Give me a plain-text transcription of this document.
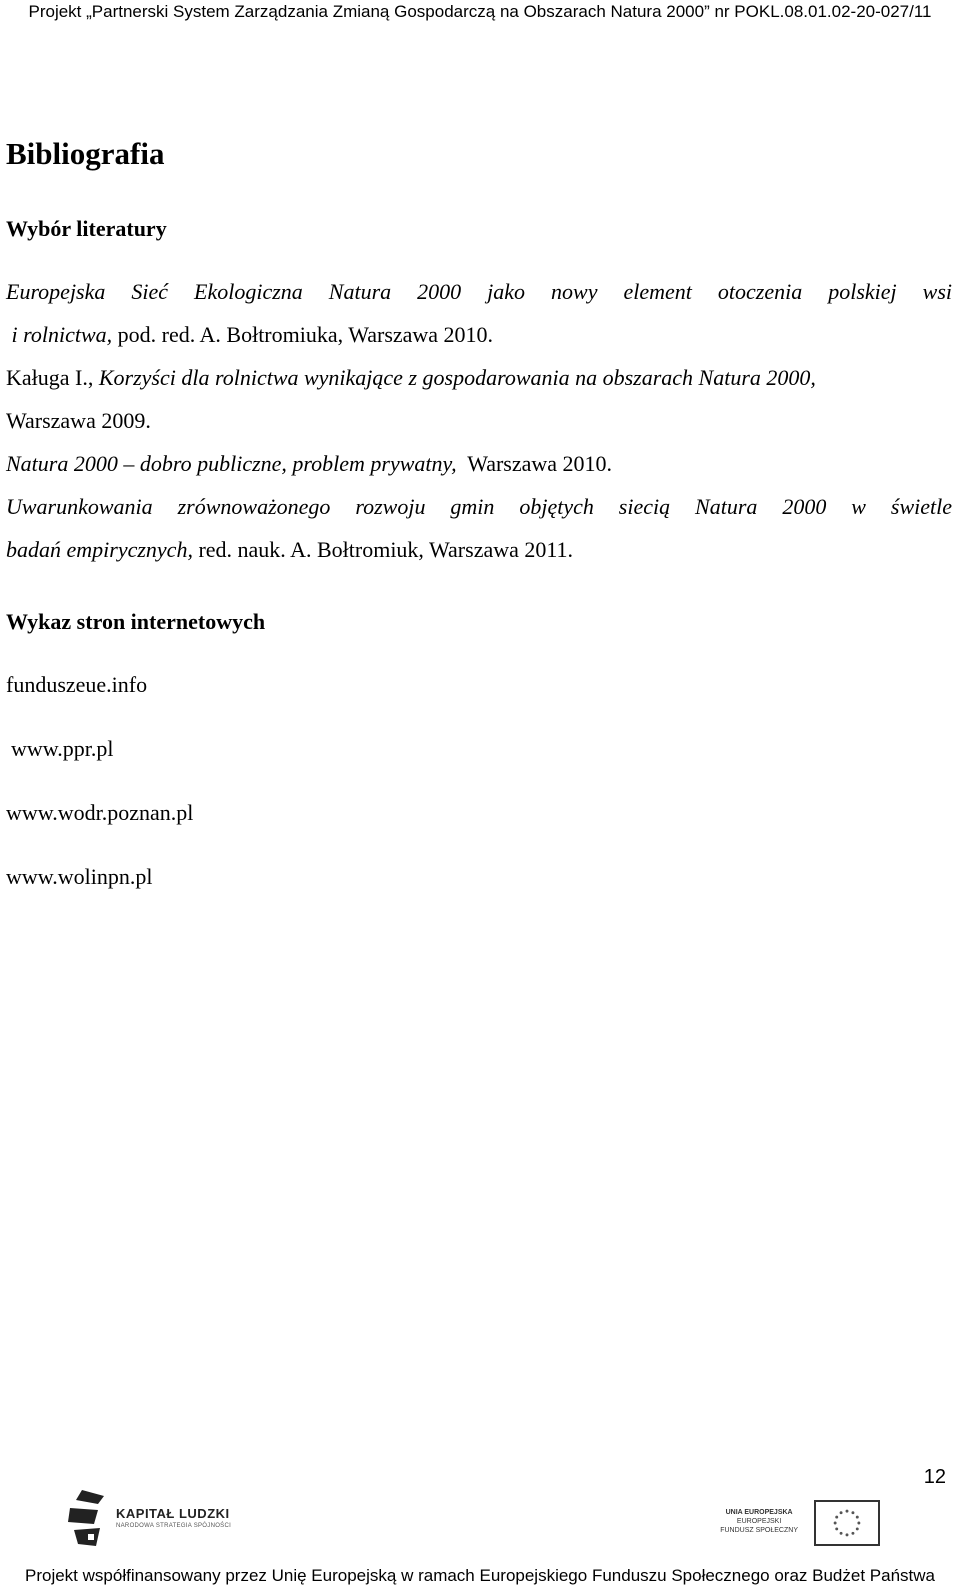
Projekt „Partnerski System Zarządzania Zmianą Gospodarczą na Obszarach Natura 2000” nr POKL.08.01.02-20-027/11
Bibliografia
Wybór literatury
Europejska Sieć Ekologiczna Natura 2000 jako nowy element otoczenia polskiej wsi
i rolnictwa, pod. red. A. Bołtromiuka, Warszawa 2010.
Kaługa I., Korzyści dla rolnictwa wynikające z gospodarowania na obszarach Natura 2000,
Warszawa 2009.
Natura 2000 – dobro publiczne, problem prywatny, Warszawa 2010.
Uwarunkowania zrównoważonego rozwoju gmin objętych siecią Natura 2000 w świetle
badań empirycznych, red. nauk. A. Bołtromiuk, Warszawa 2011.
Wykaz stron internetowych
funduszeue.info
www.ppr.pl
www.wodr.poznan.pl
www.wolinpn.pl
12
KAPITAŁ LUDZKI
NARODOWA STRATEGIA SPÓJNOŚCI
UNIA EUROPEJSKA
EUROPEJSKI
FUNDUSZ SPOŁECZNY
Projekt współfinansowany przez Unię Europejską w ramach Europejskiego Funduszu Społecznego oraz Budżet Państwa
